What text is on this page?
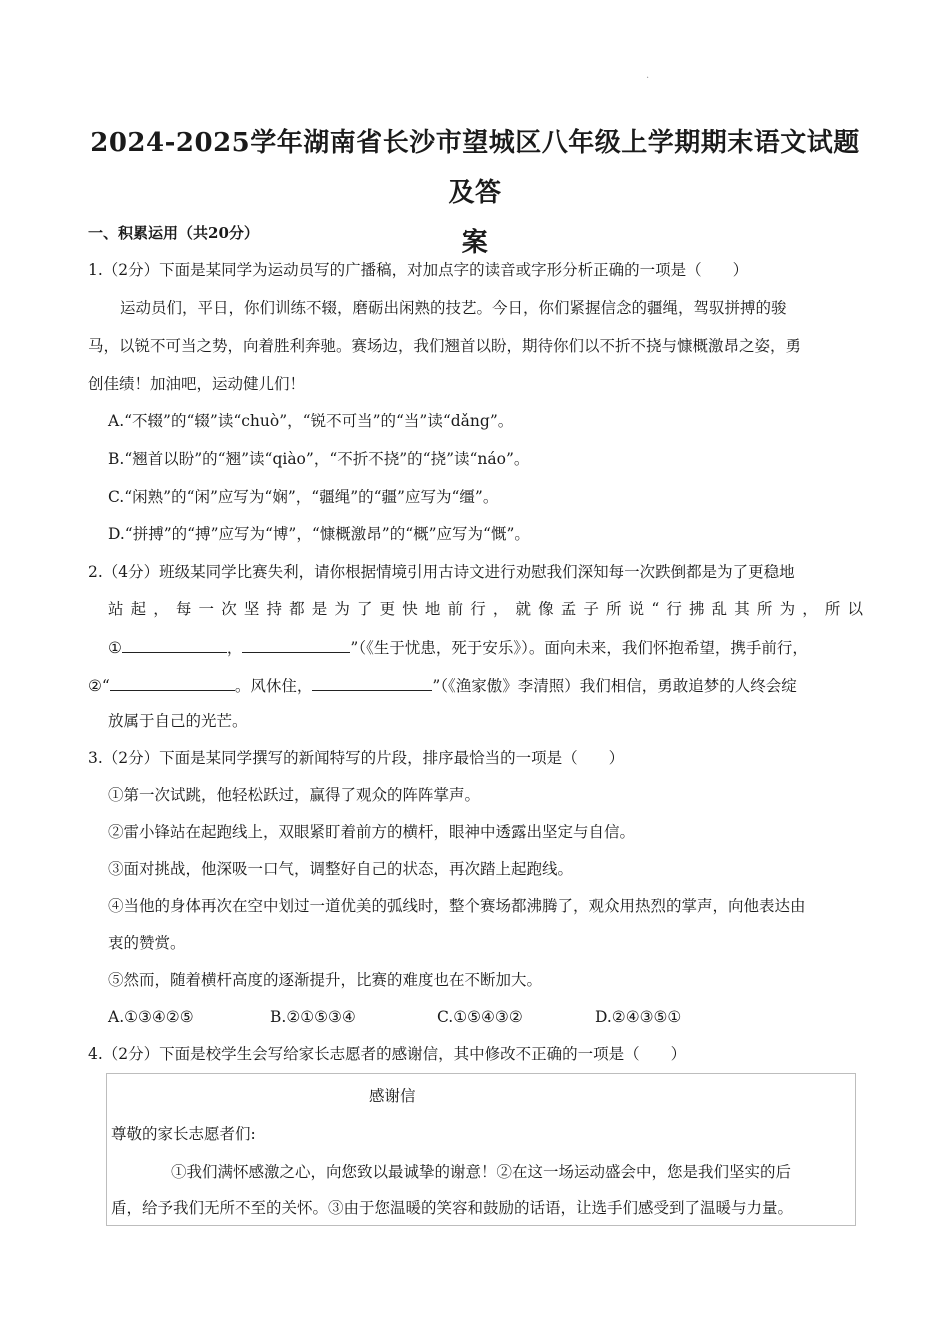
.
2024-2025学年湖南省长沙市望城区八年级上学期期末语文试题及答
案
一、积累运用（共20分）
1.（2分）下面是某同学为运动员写的广播稿，对加点字的读音或字形分析正确的一项是（　　）
运动员们，平日，你们训练不辍，磨砺出闲熟的技艺。今日，你们紧握信念的疆绳，驾驭拼搏的骏
马，以锐不可当之势，向着胜利奔驰。赛场边，我们翘首以盼，期待你们以不折不挠与慷概激昂之姿，勇
创佳绩！加油吧，运动健儿们！
A.“不辍”的“辍”读“chuò”，“锐不可当”的“当”读“dǎng”。
B.“翘首以盼”的“翘”读“qiào”，“不折不挠”的“挠”读“náo”。
C.“闲熟”的“闲”应写为“娴”，“疆绳”的“疆”应写为“缰”。
D.“拼搏”的“搏”应写为“博”，“慷概激昂”的“概”应写为“慨”。
2.（4分）班级某同学比赛失利，请你根据情境引用古诗文进行劝慰我们深知每一次跌倒都是为了更稳地
站起，每一次坚持都是为了更快地前行，就像孟子所说“行拂乱其所为，所以
①	，	”（《生于忧患，死于安乐》）。面向未来，我们怀抱希望，携手前行，
②“	。风休住，	”（《渔家傲》李清照）我们相信，勇敢追梦的人终会绽
放属于自己的光芒。
3.（2分）下面是某同学撰写的新闻特写的片段，排序最恰当的一项是（　　）
①第一次试跳，他轻松跃过，赢得了观众的阵阵掌声。
②雷小锋站在起跑线上，双眼紧盯着前方的横杆，眼神中透露出坚定与自信。
③面对挑战，他深吸一口气，调整好自己的状态，再次踏上起跑线。
④当他的身体再次在空中划过一道优美的弧线时，整个赛场都沸腾了，观众用热烈的掌声，向他表达由
衷的赞赏。
⑤然而，随着横杆高度的逐渐提升，比赛的难度也在不断加大。
A.①③④②⑤	B.②①⑤③④	C.①⑤④③②	D.②④③⑤①
4.（2分）下面是校学生会写给家长志愿者的感谢信，其中修改不正确的一项是（　　）
感谢信
尊敬的家长志愿者们:
①我们满怀感激之心，向您致以最诚挚的谢意！②在这一场运动盛会中，您是我们坚实的后
盾，给予我们无所不至的关怀。③由于您温暖的笑容和鼓励的话语，让选手们感受到了温暖与力量。
